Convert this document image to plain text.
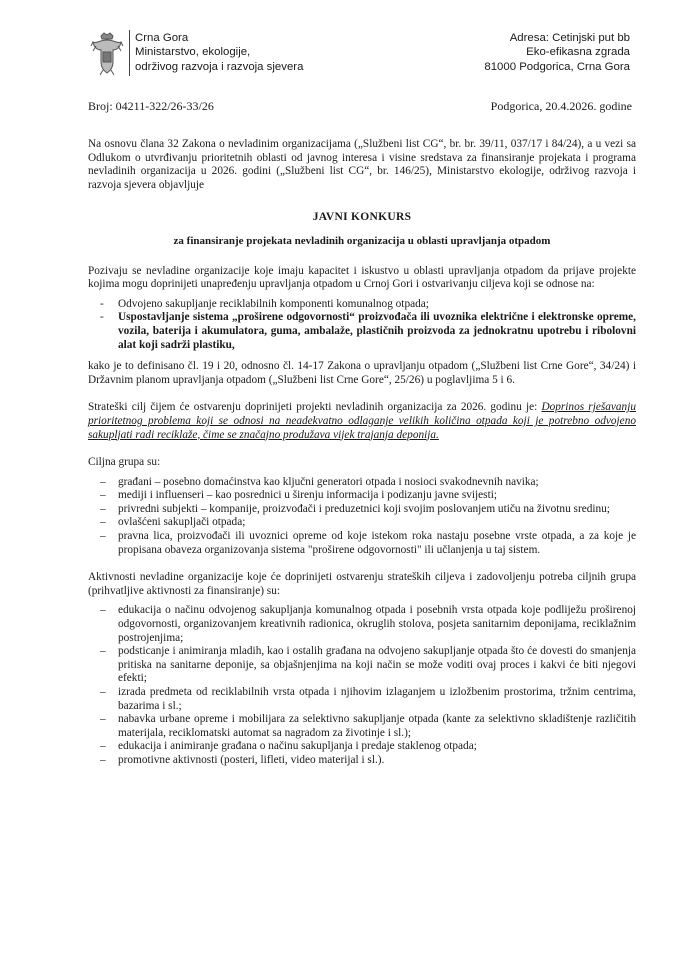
Crna Gora
Ministarstvo, ekologije,
održivog razvoja i razvoja sjevera
Adresa: Cetinjski put bb
Eko-efikasna zgrada
81000 Podgorica, Crna Gora
Broj: 04211-322/26-33/26	Podgorica, 20.4.2026. godine

Na osnovu člana 32 Zakona o nevladinim organizacijama („Službeni list CG“, br. br. 39/11, 037/17 i 84/24), a u vezi sa Odlukom o utvrđivanju prioritetnih oblasti od javnog interesa i visine sredstava za finansiranje projekata i programa nevladinih organizacija u 2026. godini („Službeni list CG“, br. 146/25), Ministarstvo ekologije, održivog razvoja i razvoja sjevera objavljuje

JAVNI KONKURS
za finansiranje projekata nevladinih organizacija u oblasti upravljanja otpadom

Pozivaju se nevladine organizacije koje imaju kapacitet i iskustvo u oblasti upravljanja otpadom da prijave projekte kojima mogu doprinijeti unapređenju upravljanja otpadom u Crnoj Gori i ostvarivanju ciljeva koji se odnose na:

- Odvojeno sakupljanje reciklabilnih komponenti komunalnog otpada;
- Uspostavljanje sistema „proširene odgovornosti“ proizvođača ili uvoznika električne i elektronske opreme, vozila, baterija i akumulatora, guma, ambalaže, plastičnih proizvoda za jednokratnu upotrebu i ribolovni alat koji sadrži plastiku,

kako je to definisano čl. 19 i 20, odnosno čl. 14-17 Zakona o upravljanju otpadom („Službeni list Crne Gore“, 34/24) i Državnim planom upravljanja otpadom („Službeni list Crne Gore“, 25/26) u poglavljima 5 i 6.

Strateški cilj čijem će ostvarenju doprinijeti projekti nevladinih organizacija za 2026. godinu je: Doprinos rješavanju prioritetnog problema koji se odnosi na neadekvatno odlaganje velikih količina otpada koji je potrebno odvojeno sakupljati radi reciklaže, čime se značajno produžava vijek trajanja deponija.

Ciljna grupa su:

– građani – posebno domaćinstva kao ključni generatori otpada i nosioci svakodnevnih navika;
– mediji i influenseri – kao posrednici u širenju informacija i podizanju javne svijesti;
– privredni subjekti – kompanije, proizvođači i preduzetnici koji svojim poslovanjem utiču na životnu sredinu;
– ovlašćeni sakupljači otpada;
– pravna lica, proizvođači ili uvoznici opreme od koje istekom roka nastaju posebne vrste otpada, a za koje je propisana obaveza organizovanja sistema "proširene odgovornosti" ili učlanjenja u taj sistem.

Aktivnosti nevladine organizacije koje će doprinijeti ostvarenju strateških ciljeva i zadovoljenju potreba ciljnih grupa (prihvatljive aktivnosti za finansiranje) su:

– edukacija o načinu odvojenog sakupljanja komunalnog otpada i posebnih vrsta otpada koje podliježu proširenoj odgovornosti, organizovanjem kreativnih radionica, okruglih stolova, posjeta sanitarnim deponijama, reciklažnim postrojenjima;
– podsticanje i animiranja mladih, kao i ostalih građana na odvojeno sakupljanje otpada što će dovesti do smanjenja pritiska na sanitarne deponije, sa objašnjenjima na koji način se može voditi ovaj proces i kakvi će biti njegovi efekti;
– izrada predmeta od reciklabilnih vrsta otpada i njihovim izlaganjem u izložbenim prostorima, tržnim centrima, bazarima i sl.;
– nabavka urbane opreme i mobilijara za selektivno sakupljanje otpada (kante za selektivno skladištenje različitih materijala, reciklomatski automat sa nagradom za životinje i sl.);
– edukacija i animiranje građana o načinu sakupljanja i predaje staklenog otpada;
– promotivne aktivnosti (posteri, lifleti, video materijal i sl.).
